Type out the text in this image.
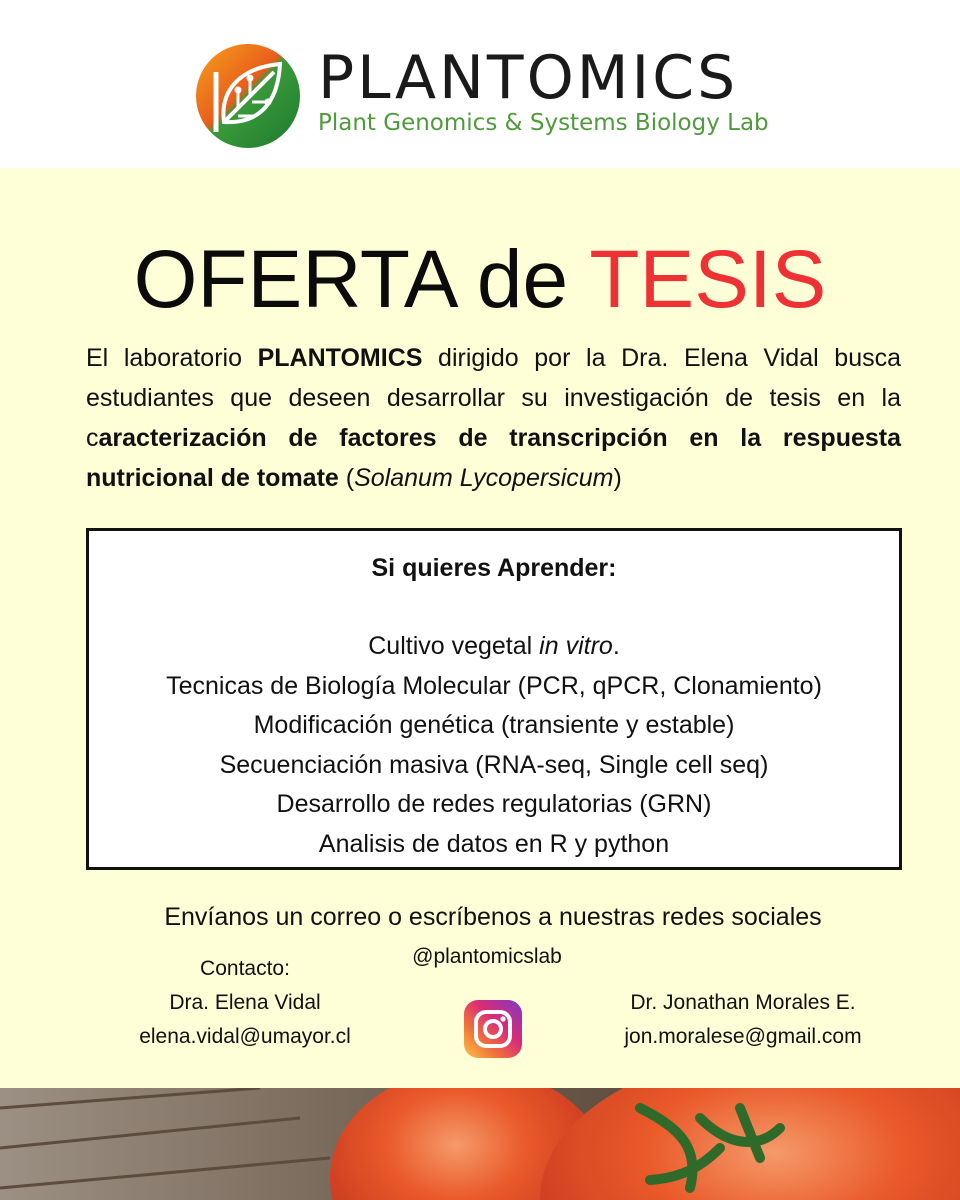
PLANTOMICS
Plant Genomics & Systems Biology Lab
OFERTA de TESIS
El laboratorio PLANTOMICS dirigido por la Dra. Elena Vidal busca estudiantes que deseen desarrollar su investigación de tesis en la caracterización de factores de transcripción en la respuesta nutricional de tomate (Solanum Lycopersicum)
Si quieres Aprender:
Cultivo vegetal in vitro.
Tecnicas de Biología Molecular (PCR, qPCR, Clonamiento)
Modificación genética (transiente y estable)
Secuenciación masiva (RNA-seq, Single cell seq)
Desarrollo de redes regulatorias (GRN)
Analisis de datos en R y python
Envíanos un correo o escríbenos a nuestras redes sociales
Contacto:
Dra. Elena Vidal
elena.vidal@umayor.cl
@plantomicslab
Dr. Jonathan Morales E.
jon.moralese@gmail.com
